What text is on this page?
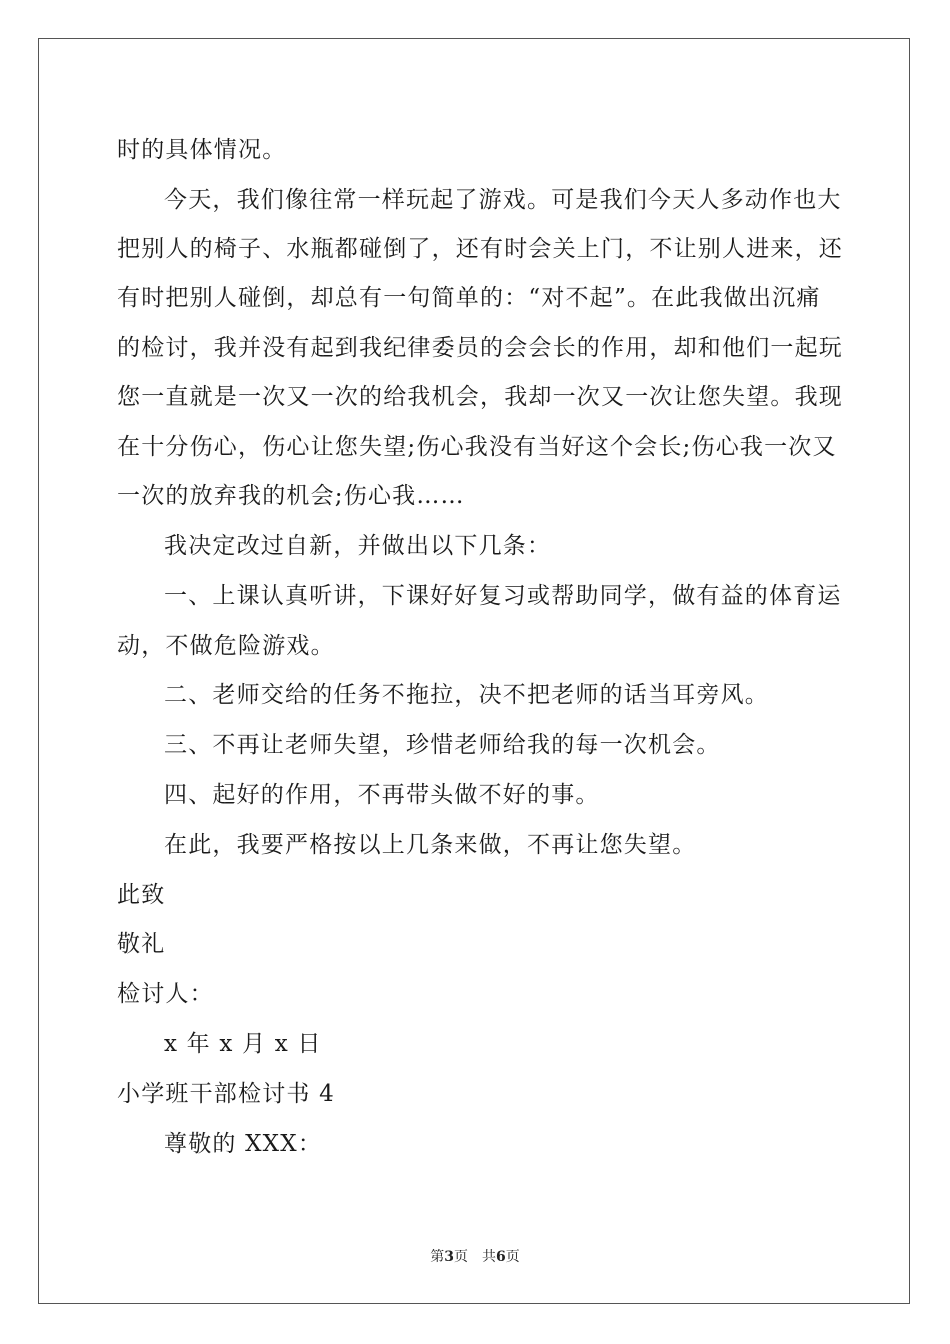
时的具体情况。
今天，我们像往常一样玩起了游戏。可是我们今天人多动作也大
把别人的椅子、水瓶都碰倒了，还有时会关上门，不让别人进来，还
有时把别人碰倒，却总有一句简单的：“对不起”。在此我做出沉痛
的检讨，我并没有起到我纪律委员的会会长的作用，却和他们一起玩
您一直就是一次又一次的给我机会，我却一次又一次让您失望。我现
在十分伤心，伤心让您失望;伤心我没有当好这个会长;伤心我一次又
一次的放弃我的机会;伤心我……
我决定改过自新，并做出以下几条：
一、上课认真听讲，下课好好复习或帮助同学，做有益的体育运
动，不做危险游戏。
二、老师交给的任务不拖拉，决不把老师的话当耳旁风。
三、不再让老师失望，珍惜老师给我的每一次机会。
四、起好的作用，不再带头做不好的事。
在此，我要严格按以上几条来做，不再让您失望。
此致
敬礼
检讨人：
x 年 x 月 x 日
小学班干部检讨书 4
尊敬的 XXX：
第3页　共6页
